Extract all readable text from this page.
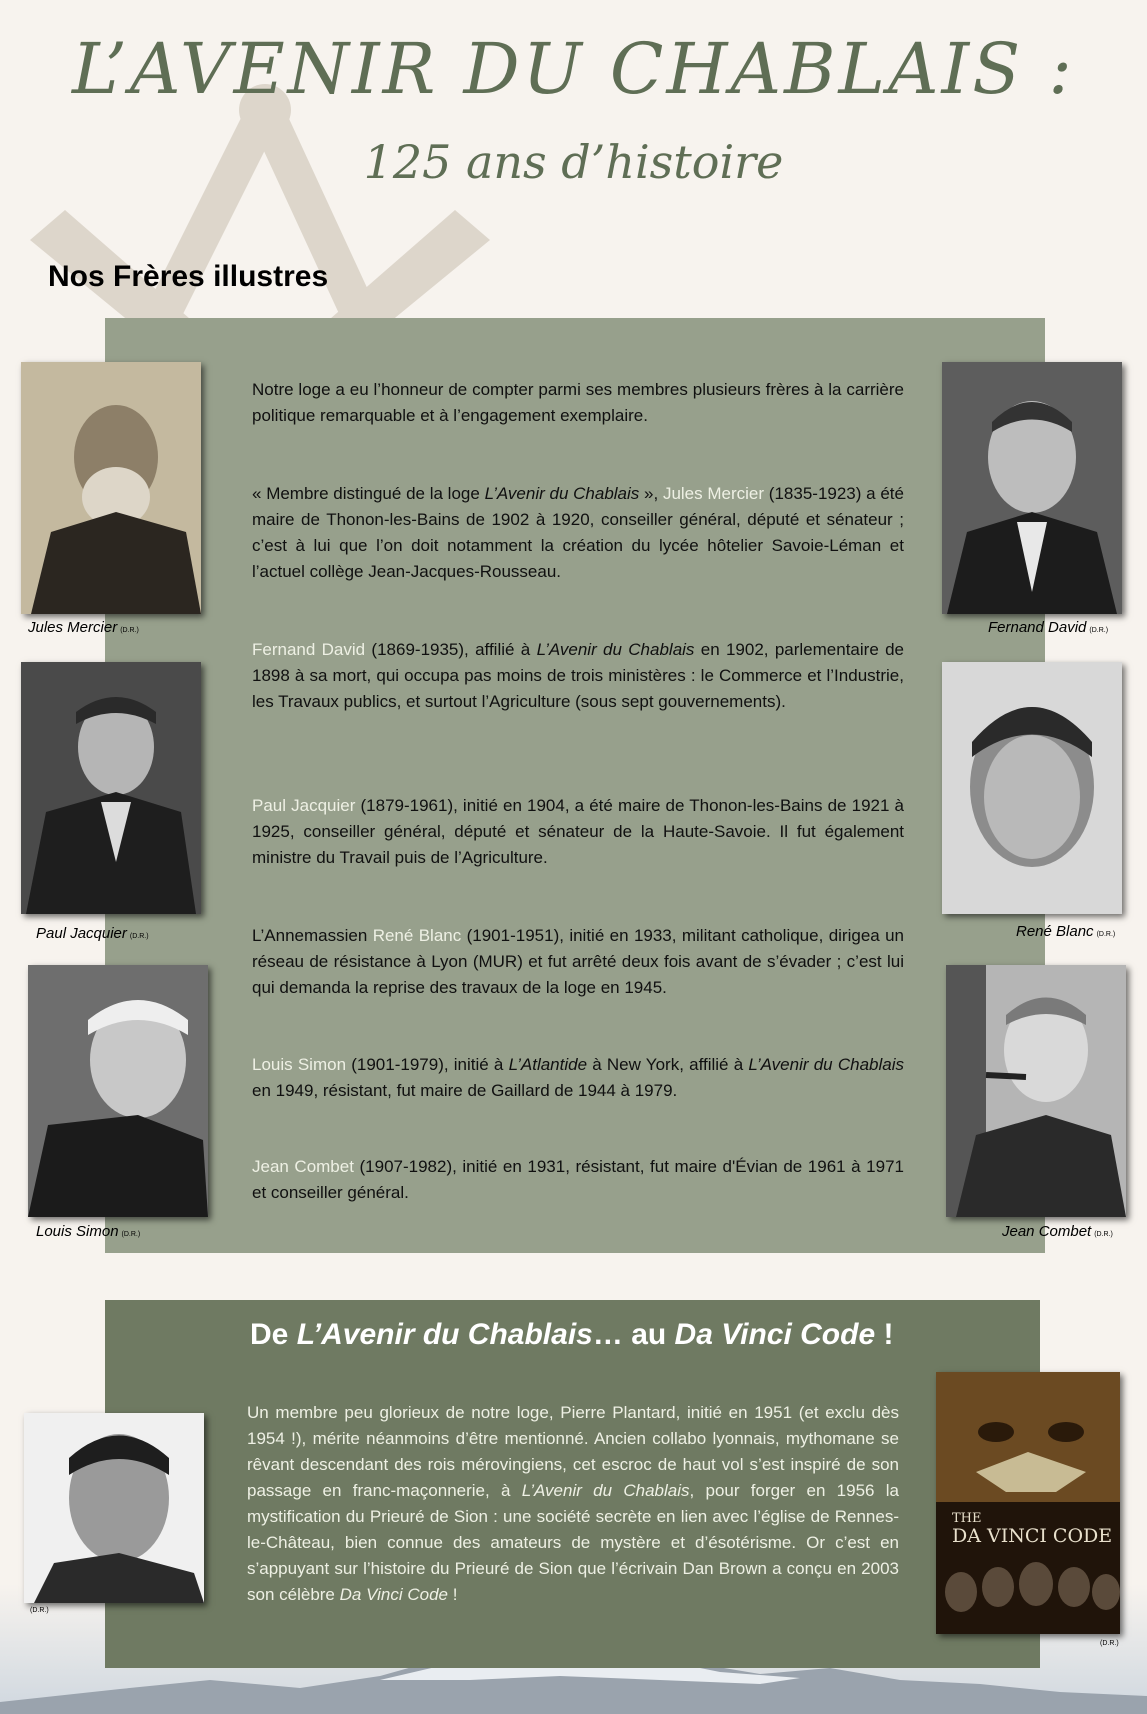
L’AVENIR DU CHABLAIS :
125 ans d’histoire
Nos Frères illustres
Notre loge a eu l’honneur de compter parmi ses membres plusieurs frères à la carrière politique remarquable et à l’engagement exemplaire.
« Membre distingué de la loge L’Avenir du Chablais », Jules Mercier (1835-1923) a été maire de Thonon-les-Bains de 1902 à 1920, conseiller général, député et sénateur ; c’est à lui que l’on doit notamment la création du lycée hôtelier Savoie-Léman et l’actuel collège Jean-Jacques-Rousseau.
Fernand David (1869-1935), affilié à L’Avenir du Chablais en 1902, parlementaire de 1898 à sa mort, qui occupa pas moins de trois ministères : le Commerce et l’Industrie, les Travaux publics, et surtout l’Agriculture (sous sept gouvernements).
Paul Jacquier (1879-1961), initié en 1904, a été maire de Thonon-les-Bains de 1921 à 1925, conseiller général, député et sénateur de la Haute-Savoie. Il fut également ministre du Travail puis de l’Agriculture.
L’Annemassien René Blanc (1901-1951), initié en 1933, militant catholique, dirigea un réseau de résistance à Lyon (MUR) et fut arrêté deux fois avant de s’évader ; c’est lui qui demanda la reprise des travaux de la loge en 1945.
Louis Simon (1901-1979), initié à L’Atlantide à New York, affilié à L’Avenir du Chablais en 1949, résistant, fut maire de Gaillard de 1944 à 1979.
Jean Combet (1907-1982), initié en 1931, résistant, fut maire d'Évian de 1961 à 1971 et conseiller général.
Jules Mercier (D.R.)	Fernand David (D.R.)
Paul Jacquier (D.R.)	René Blanc (D.R.)
Louis Simon (D.R.)	Jean Combet (D.R.)
De L’Avenir du Chablais… au Da Vinci Code !
Un membre peu glorieux de notre loge, Pierre Plantard, initié en 1951 (et exclu dès 1954 !), mérite néanmoins d’être mentionné. Ancien collabo lyonnais, mythomane se rêvant descendant des rois mérovingiens, cet escroc de haut vol s’est inspiré de son passage en franc-maçonnerie, à L’Avenir du Chablais, pour forger en 1956 la mystification du Prieuré de Sion : une société secrète en lien avec l’église de Rennes-le-Château, bien connue des amateurs de mystère et d’ésotérisme. Or c’est en s’appuyant sur l’histoire du Prieuré de Sion que l’écrivain Dan Brown a conçu en 2003 son célèbre Da Vinci Code !
(D.R.)
THE
DA VINCI CODE
(D.R.)
